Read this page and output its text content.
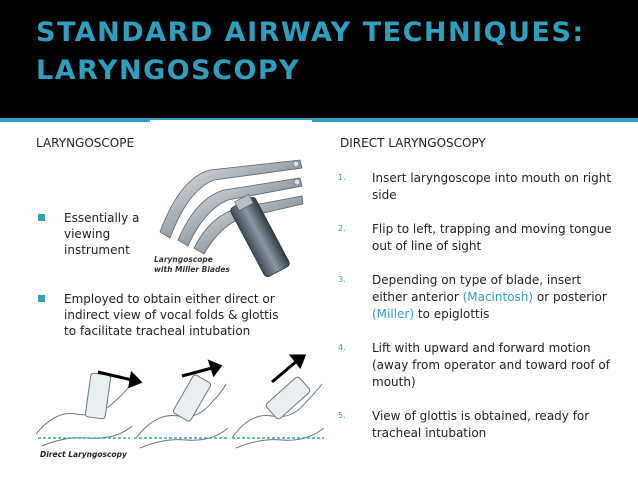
STANDARD AIRWAY TECHNIQUES:
LARYNGOSCOPY
LARYNGOSCOPE
Essentially a viewing instrument
Employed to obtain either direct or indirect view of vocal folds & glottis to facilitate tracheal intubation
Laryngoscope
with Miller Blades
Direct Laryngoscopy
DIRECT LARYNGOSCOPY
1. Insert laryngoscope into mouth on right side
2. Flip to left, trapping and moving tongue out of line of sight
3. Depending on type of blade, insert either anterior (Macintosh) or posterior (Miller) to epiglottis
4. Lift with upward and forward motion (away from operator and toward roof of mouth)
5. View of glottis is obtained, ready for tracheal intubation
